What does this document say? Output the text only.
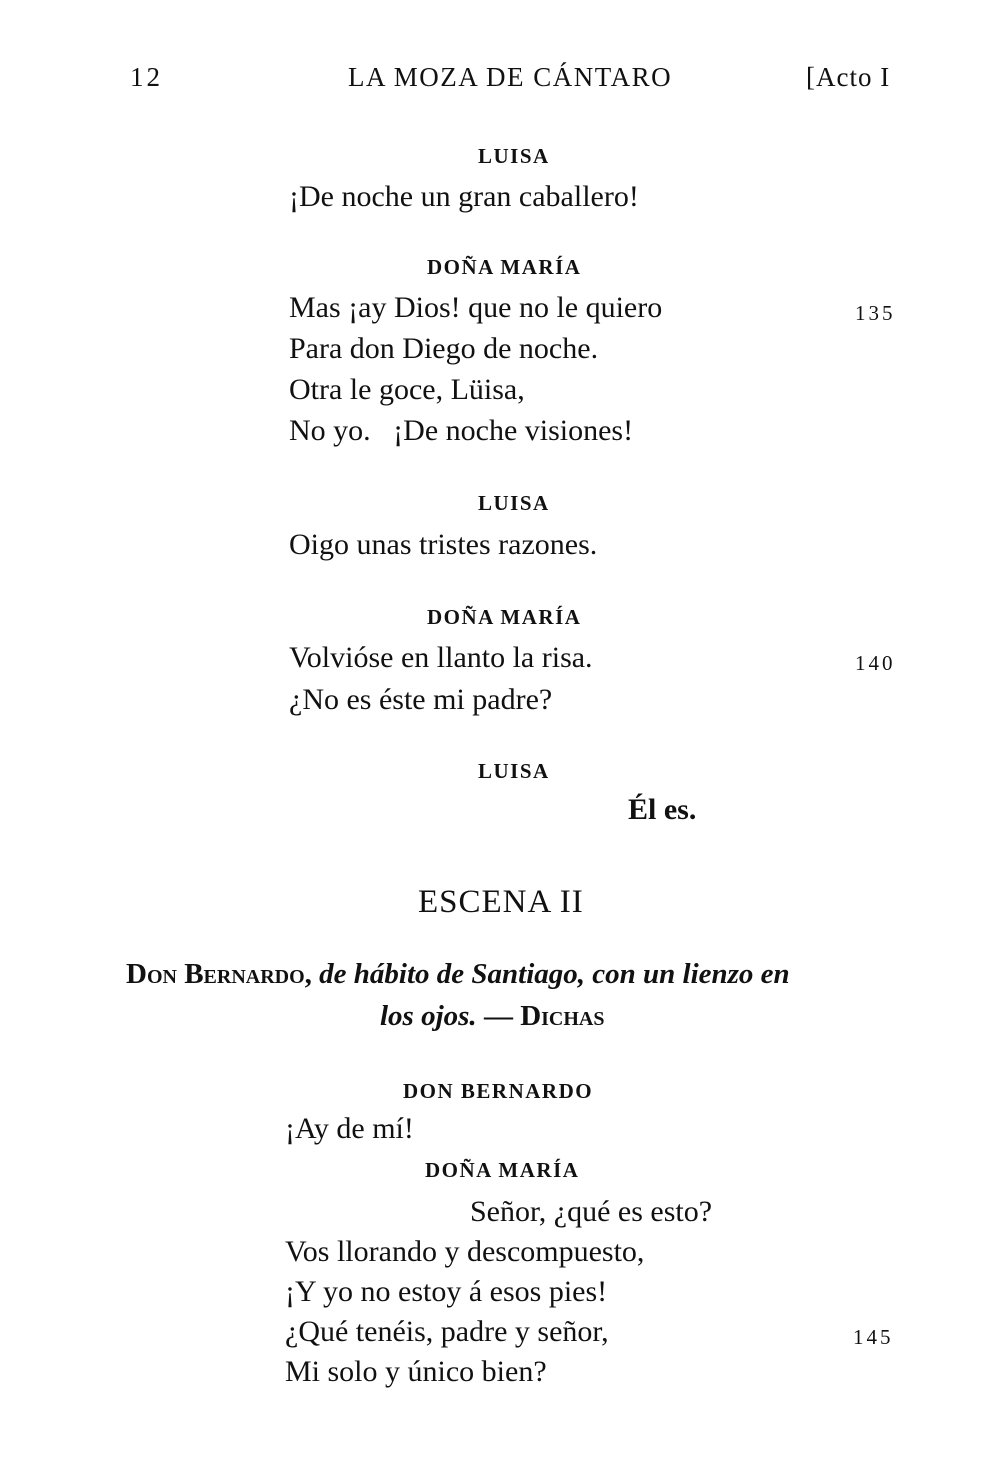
12	LA MOZA DE CÁNTARO	[Acto I
LUISA
¡De noche un gran caballero!
DOÑA MARÍA
Mas ¡ay Dios! que no le quiero	135
Para don Diego de noche.
Otra le goce, Lüisa,
No yo.   ¡De noche visiones!
LUISA
Oigo unas tristes razones.
DOÑA MARÍA
Volvióse en llanto la risa.	140
¿No es éste mi padre?
LUISA
Él es.
ESCENA II
Don Bernardo, de hábito de Santiago, con un lienzo en
los ojos. — Dichas
DON BERNARDO
¡Ay de mí!
DOÑA MARÍA
Señor, ¿qué es esto?
Vos llorando y descompuesto,
¡Y yo no estoy á esos pies!
¿Qué tenéis, padre y señor,	145
Mi solo y único bien?
